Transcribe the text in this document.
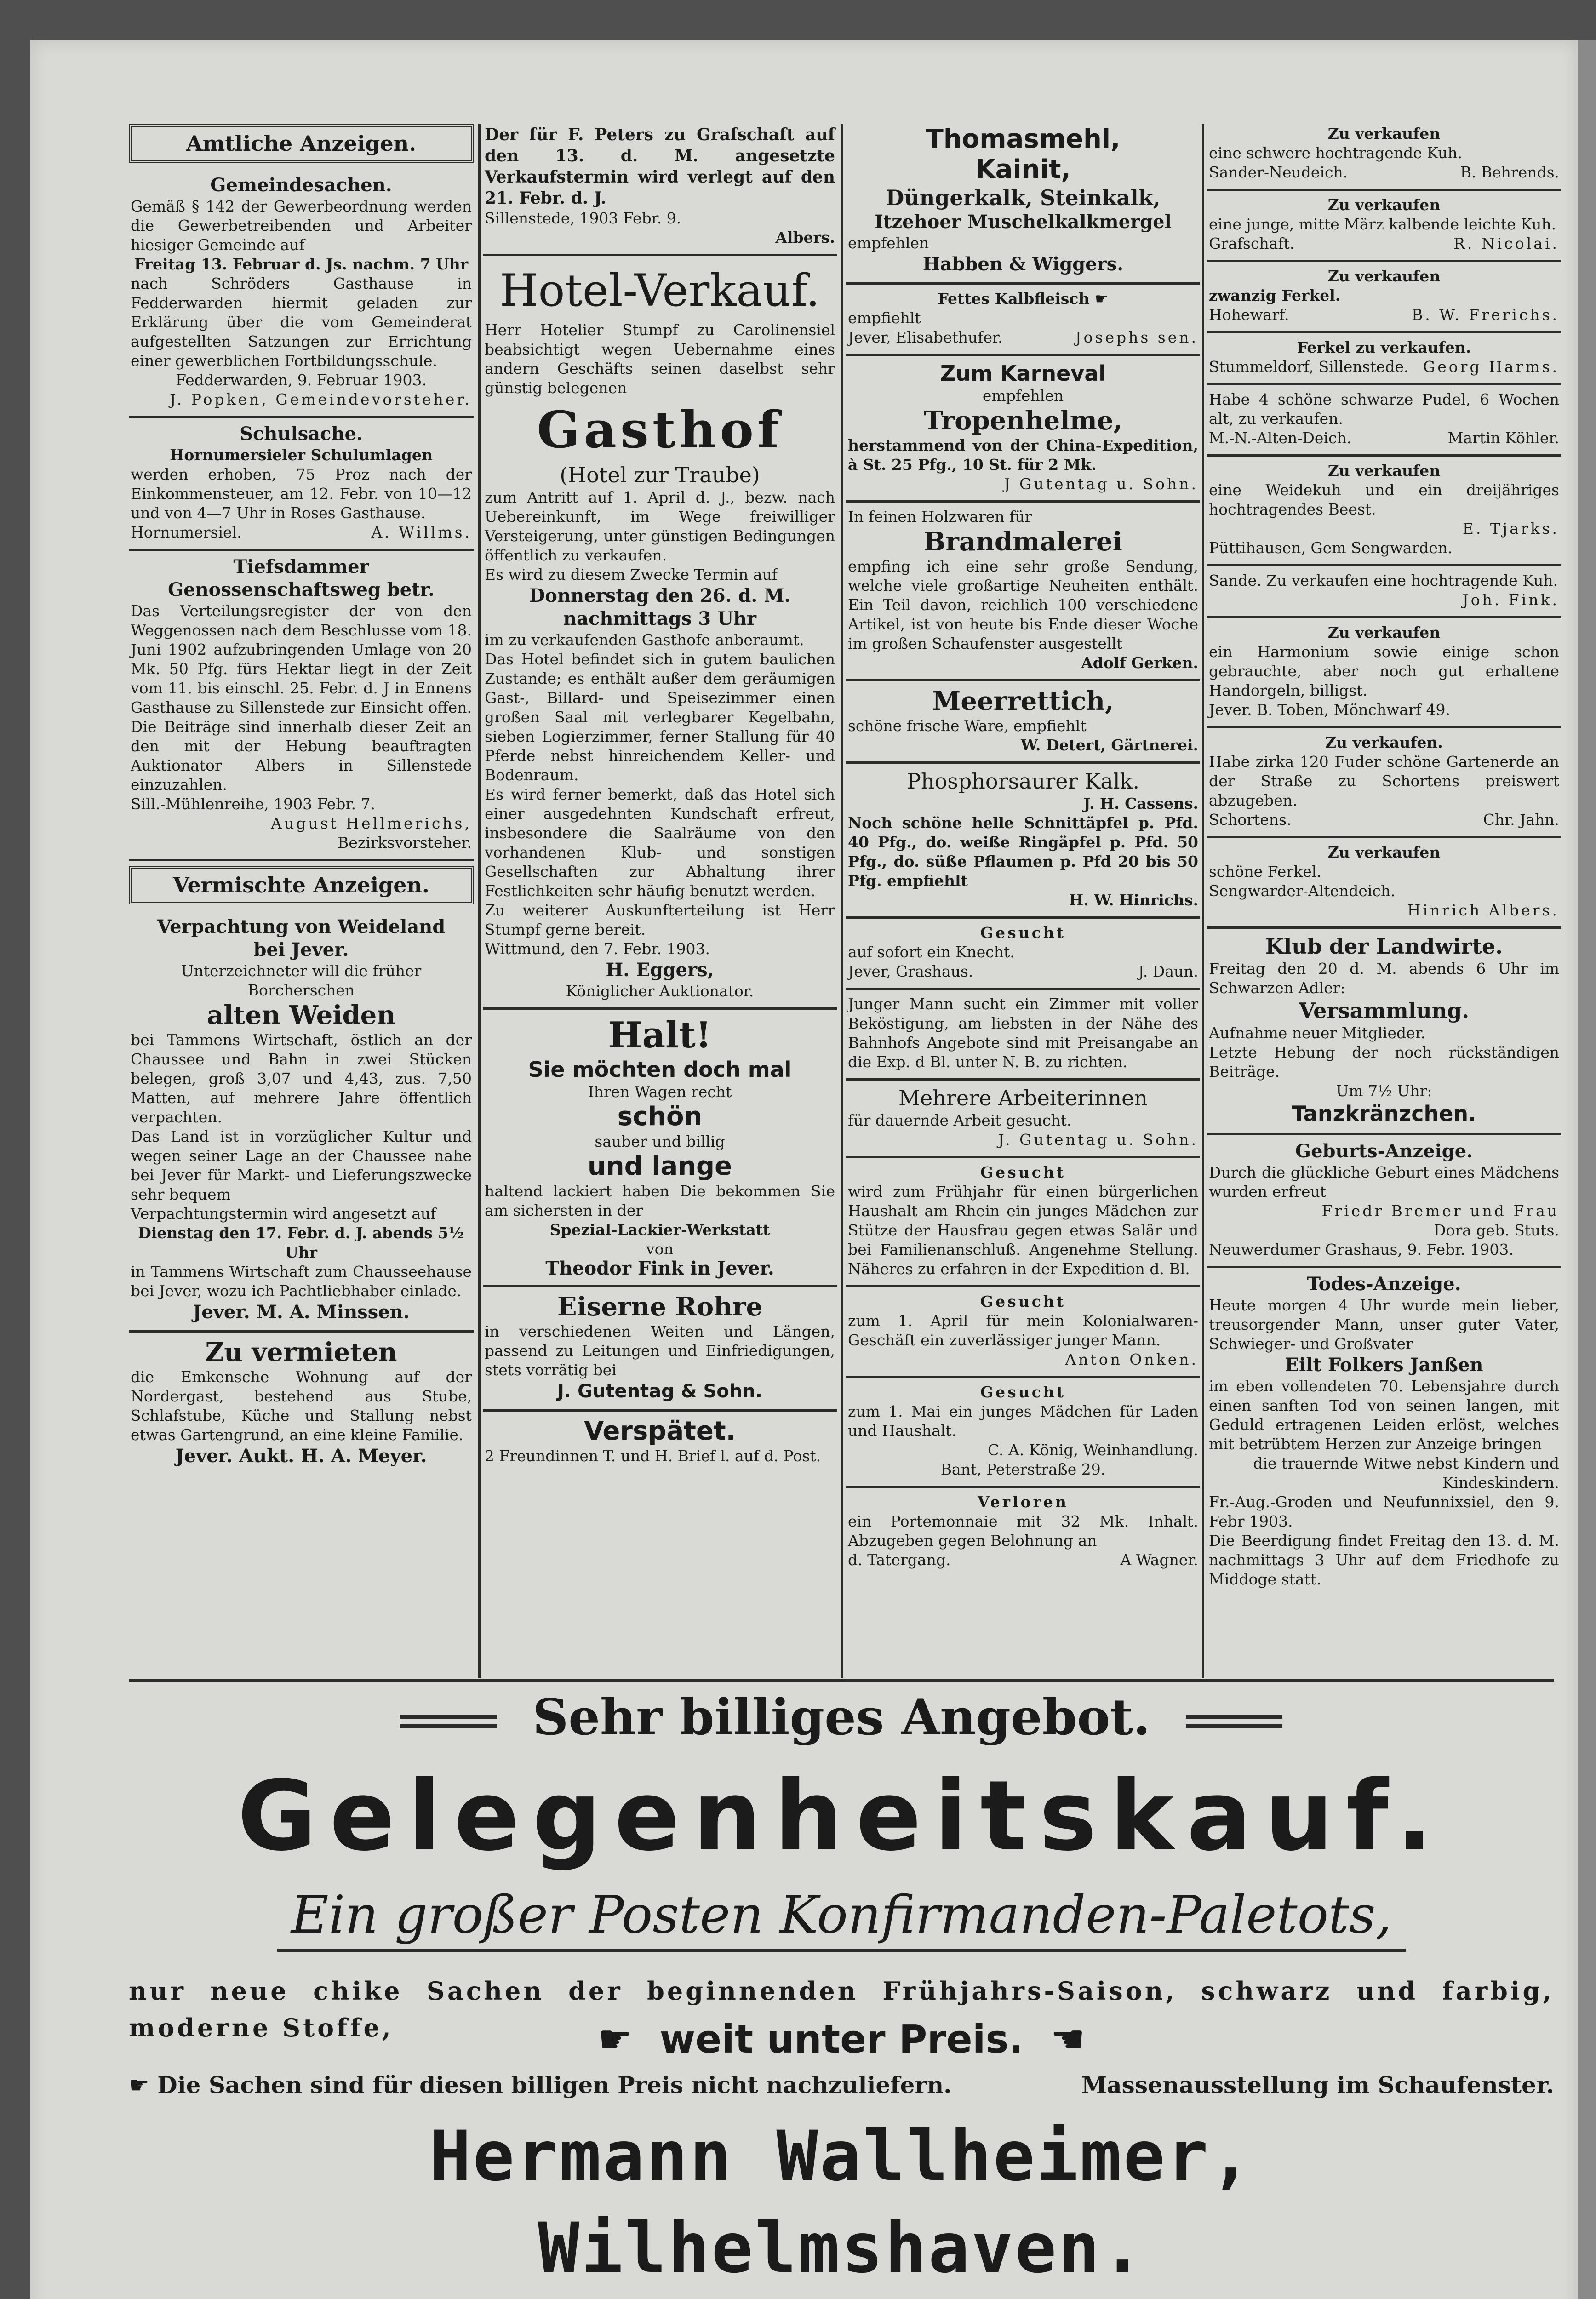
Amtliche Anzeigen.
Gemeindesachen.
Gemäß § 142 der Gewerbeordnung werden die Gewerbetreibenden und Arbeiter hiesiger Gemeinde auf
Freitag 13. Februar d. Js. nachm. 7 Uhr
nach Schröders Gasthause in Fedderwarden hiermit geladen zur Erklärung über die vom Gemeinderat aufgestellten Satzungen zur Errichtung einer gewerblichen Fortbildungsschule.
Fedderwarden, 9. Februar 1903.
J. Popken, Gemeindevorsteher.
Schulsache.
Hornumersieler Schulumlagen
werden erhoben, 75 Proz nach der Einkommensteuer, am 12. Febr. von 10—12 und von 4—7 Uhr in Roses Gasthause.
Hornumersiel.	A. Willms.
Tiefsdammer Genossenschaftsweg betr.
Das Verteilungsregister der von den Weggenossen nach dem Beschlusse vom 18. Juni 1902 aufzubringenden Umlage von 20 Mk. 50 Pfg. fürs Hektar liegt in der Zeit vom 11. bis einschl. 25. Febr. d. J in Ennens Gasthause zu Sillenstede zur Einsicht offen. Die Beiträge sind innerhalb dieser Zeit an den mit der Hebung beauftragten Auktionator Albers in Sillenstede einzuzahlen.
Sill.-Mühlenreihe, 1903 Febr. 7.
August Hellmerichs,
Bezirksvorsteher.
Vermischte Anzeigen.
Verpachtung von Weideland
bei Jever.
Unterzeichneter will die früher Borcherschen
alten Weiden
bei Tammens Wirtschaft, östlich an der Chaussee und Bahn in zwei Stücken belegen, groß 3,07 und 4,43, zus. 7,50 Matten, auf mehrere Jahre öffentlich verpachten.
Das Land ist in vorzüglicher Kultur und wegen seiner Lage an der Chaussee nahe bei Jever für Markt- und Lieferungszwecke sehr bequem
Verpachtungstermin wird angesetzt auf
Dienstag den 17. Febr. d. J. abends 5½ Uhr
in Tammens Wirtschaft zum Chausseehause bei Jever, wozu ich Pachtliebhaber einlade.
Jever. M. A. Minssen.
Zu vermieten
die Emkensche Wohnung auf der Nordergast, bestehend aus Stube, Schlafstube, Küche und Stallung nebst etwas Gartengrund, an eine kleine Familie.
Jever. Aukt. H. A. Meyer.
Der für F. Peters zu Grafschaft auf den 13. d. M. angesetzte Verkaufstermin wird verlegt auf den 21. Febr. d. J.
Sillenstede, 1903 Febr. 9.
Albers.
Hotel-Verkauf.
Herr Hotelier Stumpf zu Carolinensiel beabsichtigt wegen Uebernahme eines andern Geschäfts seinen daselbst sehr günstig belegenen
Gasthof
(Hotel zur Traube)
zum Antritt auf 1. April d. J., bezw. nach Uebereinkunft, im Wege freiwilliger Versteigerung, unter günstigen Bedingungen öffentlich zu verkaufen.
Es wird zu diesem Zwecke Termin auf
Donnerstag den 26. d. M. nachmittags 3 Uhr
im zu verkaufenden Gasthofe anberaumt.
Das Hotel befindet sich in gutem baulichen Zustande; es enthält außer dem geräumigen Gast-, Billard- und Speisezimmer einen großen Saal mit verlegbarer Kegelbahn, sieben Logierzimmer, ferner Stallung für 40 Pferde nebst hinreichendem Keller- und Bodenraum.
Es wird ferner bemerkt, daß das Hotel sich einer ausgedehnten Kundschaft erfreut, insbesondere die Saalräume von den vorhandenen Klub- und sonstigen Gesellschaften zur Abhaltung ihrer Festlichkeiten sehr häufig benutzt werden.
Zu weiterer Auskunfterteilung ist Herr Stumpf gerne bereit.
Wittmund, den 7. Febr. 1903.
H. Eggers,
Königlicher Auktionator.
Halt!
Sie möchten doch mal
Ihren Wagen recht
schön
sauber und billig
und lange
haltend lackiert haben Die bekommen Sie am sichersten in der
Spezial-Lackier-Werkstatt
von
Theodor Fink in Jever.
Eiserne Rohre
in verschiedenen Weiten und Längen, passend zu Leitungen und Einfriedigungen, stets vorrätig bei
J. Gutentag & Sohn.
Verspätet.
2 Freundinnen T. und H. Brief l. auf d. Post.
Thomasmehl,
Kainit,
Düngerkalk, Steinkalk,
Itzehoer Muschelkalkmergel
empfehlen
Habben & Wiggers.
Fettes Kalbfleisch ☛
empfiehlt
Jever, Elisabethufer.	Josephs sen.
Zum Karneval
empfehlen
Tropenhelme,
herstammend von der China-Expedition, à St. 25 Pfg., 10 St. für 2 Mk.
J Gutentag u. Sohn.
In feinen Holzwaren für
Brandmalerei
empfing ich eine sehr große Sendung, welche viele großartige Neuheiten enthält. Ein Teil davon, reichlich 100 verschiedene Artikel, ist von heute bis Ende dieser Woche im großen Schaufenster ausgestellt
Adolf Gerken.
Meerrettich,
schöne frische Ware, empfiehlt
W. Detert, Gärtnerei.
Phosphorsaurer Kalk.
J. H. Cassens.
Noch schöne helle Schnittäpfel p. Pfd. 40 Pfg., do. weiße Ringäpfel p. Pfd. 50 Pfg., do. süße Pflaumen p. Pfd 20 bis 50 Pfg. empfiehlt
H. W. Hinrichs.
Gesucht
auf sofort ein Knecht.
Jever, Grashaus.	J. Daun.
Junger Mann sucht ein Zimmer mit voller Beköstigung, am liebsten in der Nähe des Bahnhofs Angebote sind mit Preisangabe an die Exp. d Bl. unter N. B. zu richten.
Mehrere Arbeiterinnen
für dauernde Arbeit gesucht.
J. Gutentag u. Sohn.
Gesucht
wird zum Frühjahr für einen bürgerlichen Haushalt am Rhein ein junges Mädchen zur Stütze der Hausfrau gegen etwas Salär und bei Familienanschluß. Angenehme Stellung. Näheres zu erfahren in der Expedition d. Bl.
Gesucht
zum 1. April für mein Kolonialwaren-Geschäft ein zuverlässiger junger Mann.
Anton Onken.
Gesucht
zum 1. Mai ein junges Mädchen für Laden und Haushalt.
C. A. König, Weinhandlung.
Bant, Peterstraße 29.
Verloren
ein Portemonnaie mit 32 Mk. Inhalt. Abzugeben gegen Belohnung an
d. Tatergang.	A Wagner.
Zu verkaufen
eine schwere hochtragende Kuh.
Sander-Neudeich.	B. Behrends.
Zu verkaufen
eine junge, mitte März kalbende leichte Kuh.
Grafschaft.	R. Nicolai.
Zu verkaufen
zwanzig Ferkel.
Hohewarf.	B. W. Frerichs.
Ferkel zu verkaufen.
Stummeldorf, Sillenstede. Georg Harms.
Habe 4 schöne schwarze Pudel, 6 Wochen alt, zu verkaufen.
M.-N.-Alten-Deich.	Martin Köhler.
Zu verkaufen
eine Weidekuh und ein dreijähriges hochtragendes Beest.
E. Tjarks.
Püttihausen, Gem Sengwarden.
Sande. Zu verkaufen eine hochtragende Kuh.
Joh. Fink.
Zu verkaufen
ein Harmonium sowie einige schon gebrauchte, aber noch gut erhaltene Handorgeln, billigst.
Jever. B. Toben, Mönchwarf 49.
Zu verkaufen.
Habe zirka 120 Fuder schöne Gartenerde an der Straße zu Schortens preiswert abzugeben.
Schortens.	Chr. Jahn.
Zu verkaufen
schöne Ferkel.
Sengwarder-Altendeich.
Hinrich Albers.
Klub der Landwirte.
Freitag den 20 d. M. abends 6 Uhr im Schwarzen Adler:
Versammlung.
Aufnahme neuer Mitglieder.
Letzte Hebung der noch rückständigen Beiträge.
Um 7½ Uhr:
Tanzkränzchen.
Geburts-Anzeige.
Durch die glückliche Geburt eines Mädchens wurden erfreut
Friedr Bremer und Frau
Dora geb. Stuts.
Neuwerdumer Grashaus, 9. Febr. 1903.
Todes-Anzeige.
Heute morgen 4 Uhr wurde mein lieber, treusorgender Mann, unser guter Vater, Schwieger- und Großvater
Eilt Folkers Janßen
im eben vollendeten 70. Lebensjahre durch einen sanften Tod von seinen langen, mit Geduld ertragenen Leiden erlöst, welches mit betrübtem Herzen zur Anzeige bringen
die trauernde Witwe nebst Kindern und Kindeskindern.
Fr.-Aug.-Groden und Neufunnixsiel, den 9. Febr 1903.
Die Beerdigung findet Freitag den 13. d. M. nachmittags 3 Uhr auf dem Friedhofe zu Middoge statt.
Sehr billiges Angebot.
Gelegenheitskauf.
Ein großer Posten Konfirmanden-Paletots,
nur neue chike Sachen der beginnenden Frühjahrs-Saison, schwarz und farbig, moderne Stoffe,	☛ weit unter Preis. ☚
☛ Die Sachen sind für diesen billigen Preis nicht nachzuliefern.	Massenausstellung im Schaufenster.
Hermann Wallheimer, Wilhelmshaven.
